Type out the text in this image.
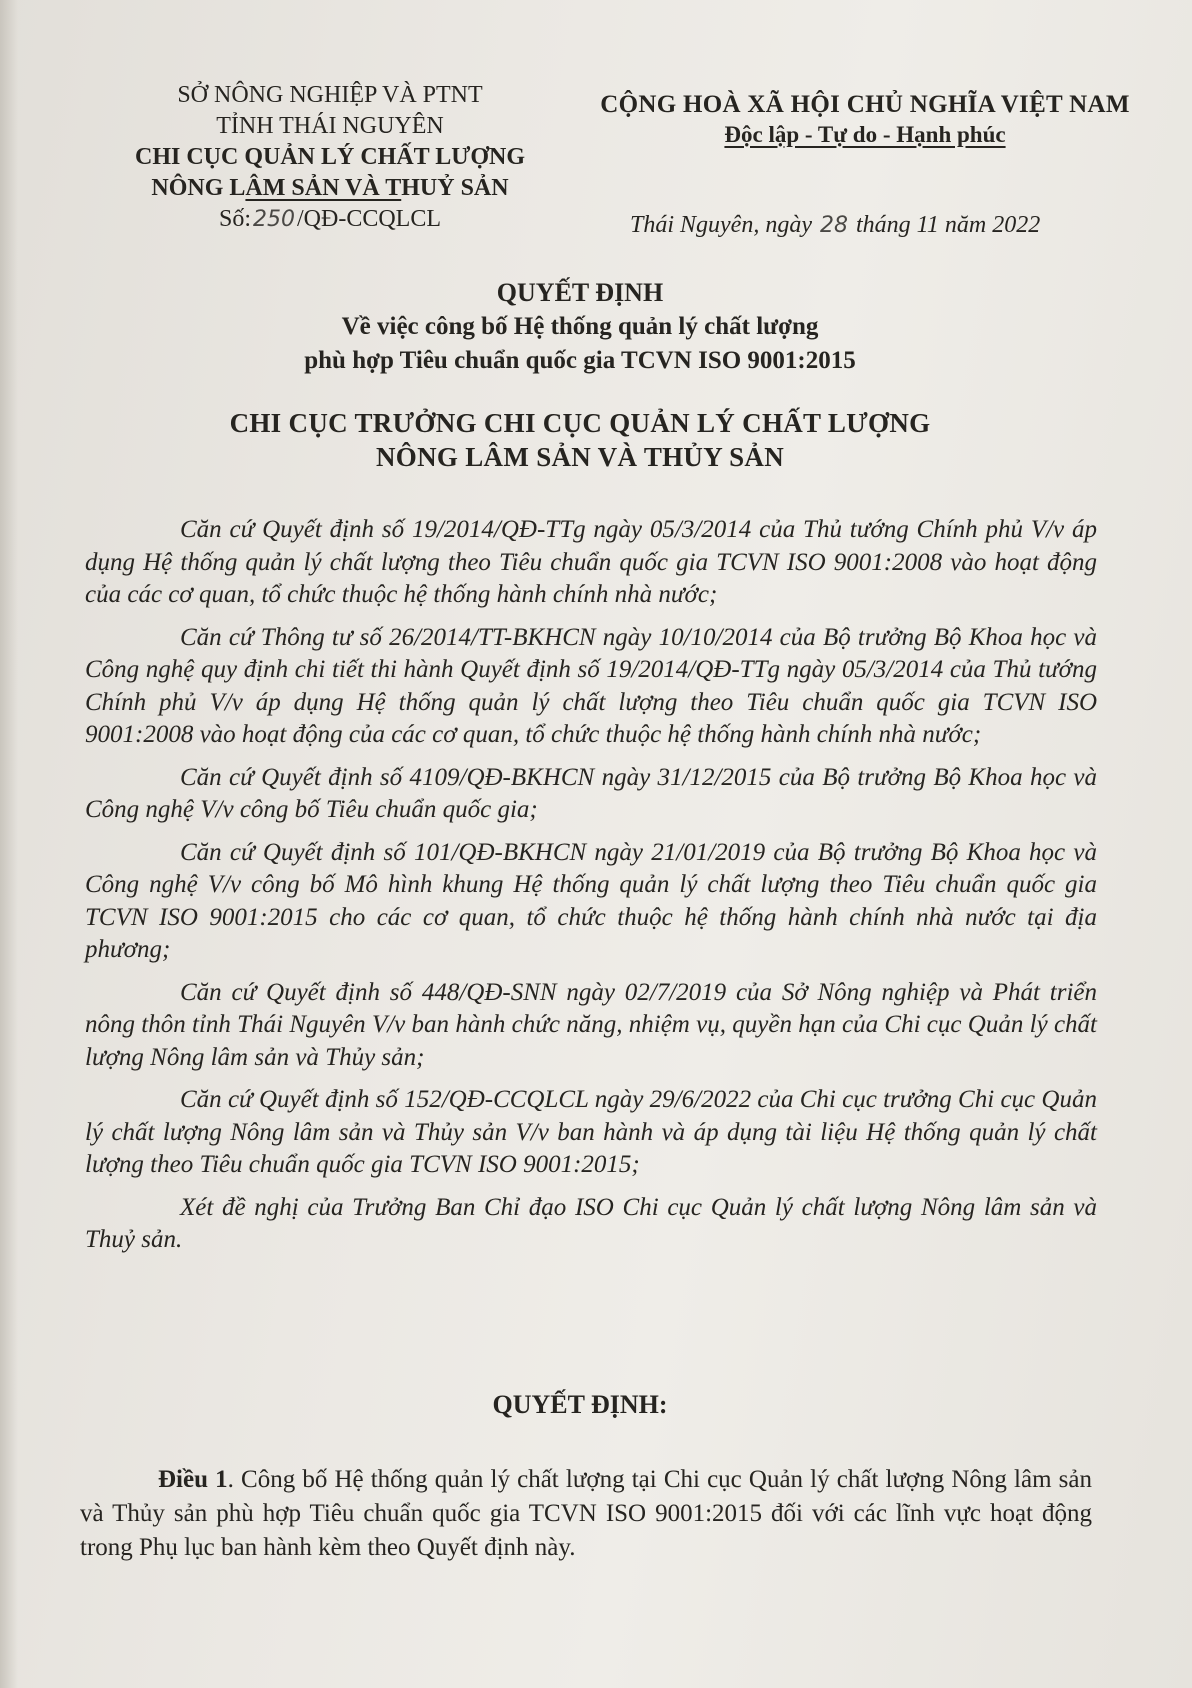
SỞ NÔNG NGHIỆP VÀ PTNT
TỈNH THÁI NGUYÊN
CHI CỤC QUẢN LÝ CHẤT LƯỢNG
NÔNG LÂM SẢN VÀ THUỶ SẢN
Số:250/QĐ-CCQLCL
CỘNG HOÀ XÃ HỘI CHỦ NGHĨA VIỆT NAM
Độc lập - Tự do - Hạnh phúc
Thái Nguyên, ngày 28 tháng 11 năm 2022
QUYẾT ĐỊNH
Về việc công bố Hệ thống quản lý chất lượng
phù hợp Tiêu chuẩn quốc gia TCVN ISO 9001:2015
CHI CỤC TRƯỞNG CHI CỤC QUẢN LÝ CHẤT LƯỢNG
NÔNG LÂM SẢN VÀ THỦY SẢN

Căn cứ Quyết định số 19/2014/QĐ-TTg ngày 05/3/2014 của Thủ tướng Chính phủ V/v áp dụng Hệ thống quản lý chất lượng theo Tiêu chuẩn quốc gia TCVN ISO 9001:2008 vào hoạt động của các cơ quan, tổ chức thuộc hệ thống hành chính nhà nước;

Căn cứ Thông tư số 26/2014/TT-BKHCN ngày 10/10/2014 của Bộ trưởng Bộ Khoa học và Công nghệ quy định chi tiết thi hành Quyết định số 19/2014/QĐ-TTg ngày 05/3/2014 của Thủ tướng Chính phủ V/v áp dụng Hệ thống quản lý chất lượng theo Tiêu chuẩn quốc gia TCVN ISO 9001:2008 vào hoạt động của các cơ quan, tổ chức thuộc hệ thống hành chính nhà nước;

Căn cứ Quyết định số 4109/QĐ-BKHCN ngày 31/12/2015 của Bộ trưởng Bộ Khoa học và Công nghệ V/v công bố Tiêu chuẩn quốc gia;

Căn cứ Quyết định số 101/QĐ-BKHCN ngày 21/01/2019 của Bộ trưởng Bộ Khoa học và Công nghệ V/v công bố Mô hình khung Hệ thống quản lý chất lượng theo Tiêu chuẩn quốc gia TCVN ISO 9001:2015 cho các cơ quan, tổ chức thuộc hệ thống hành chính nhà nước tại địa phương;

Căn cứ Quyết định số 448/QĐ-SNN ngày 02/7/2019 của Sở Nông nghiệp và Phát triển nông thôn tỉnh Thái Nguyên V/v ban hành chức năng, nhiệm vụ, quyền hạn của Chi cục Quản lý chất lượng Nông lâm sản và Thủy sản;

Căn cứ Quyết định số 152/QĐ-CCQLCL ngày 29/6/2022 của Chi cục trưởng Chi cục Quản lý chất lượng Nông lâm sản và Thủy sản V/v ban hành và áp dụng tài liệu Hệ thống quản lý chất lượng theo Tiêu chuẩn quốc gia TCVN ISO 9001:2015;

Xét đề nghị của Trưởng Ban Chỉ đạo ISO Chi cục Quản lý chất lượng Nông lâm sản và Thuỷ sản.

QUYẾT ĐỊNH:

Điều 1. Công bố Hệ thống quản lý chất lượng tại Chi cục Quản lý chất lượng Nông lâm sản và Thủy sản phù hợp Tiêu chuẩn quốc gia TCVN ISO 9001:2015 đối với các lĩnh vực hoạt động trong Phụ lục ban hành kèm theo Quyết định này.
